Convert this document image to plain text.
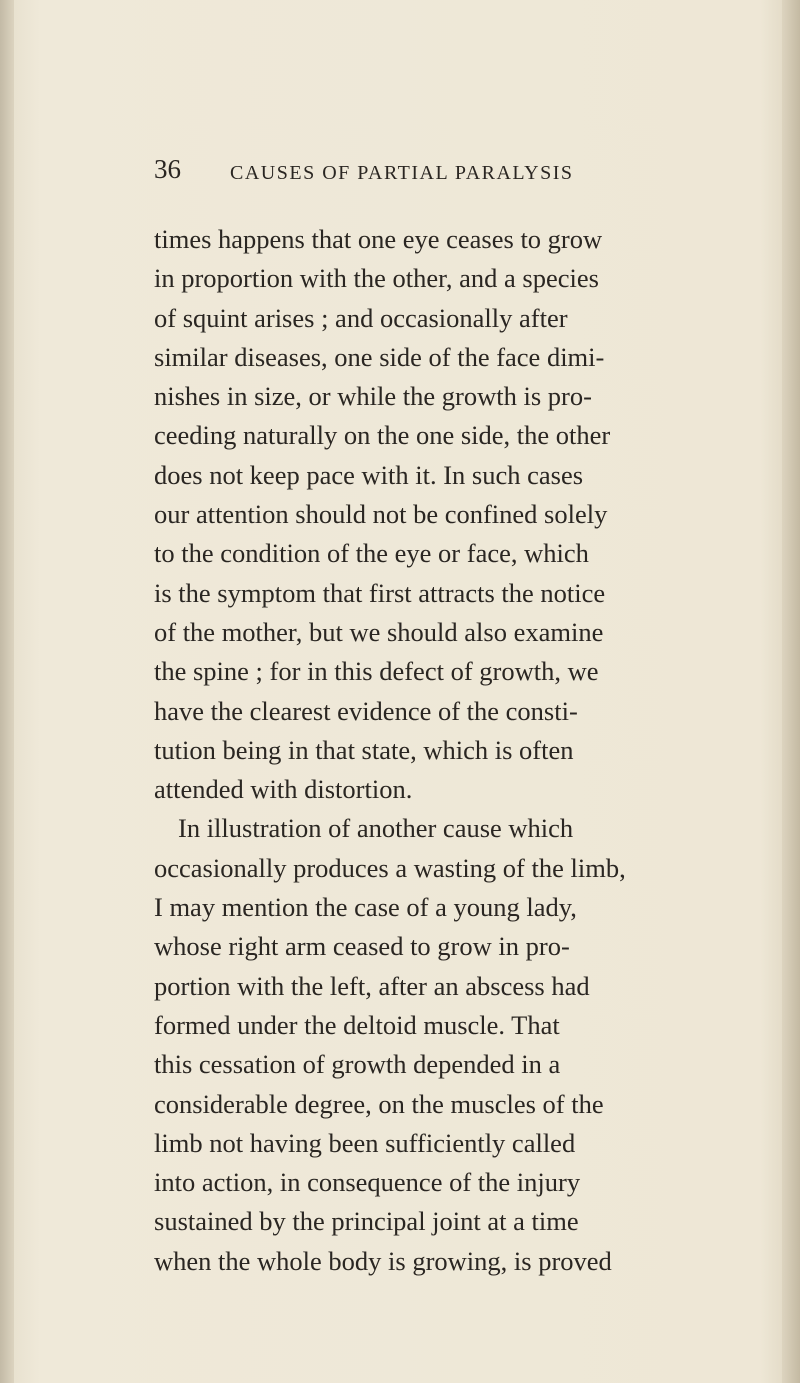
36 CAUSES OF PARTIAL PARALYSIS
times happens that one eye ceases to grow
in proportion with the other, and a species
of squint arises ; and occasionally after
similar diseases, one side of the face dimi-
nishes in size, or while the growth is pro-
ceeding naturally on the one side, the other
does not keep pace with it. In such cases
our attention should not be confined solely
to the condition of the eye or face, which
is the symptom that first attracts the notice
of the mother, but we should also examine
the spine ; for in this defect of growth, we
have the clearest evidence of the consti-
tution being in that state, which is often
attended with distortion.
In illustration of another cause which
occasionally produces a wasting of the limb,
I may mention the case of a young lady,
whose right arm ceased to grow in pro-
portion with the left, after an abscess had
formed under the deltoid muscle. That
this cessation of growth depended in a
considerable degree, on the muscles of the
limb not having been sufficiently called
into action, in consequence of the injury
sustained by the principal joint at a time
when the whole body is growing, is proved
